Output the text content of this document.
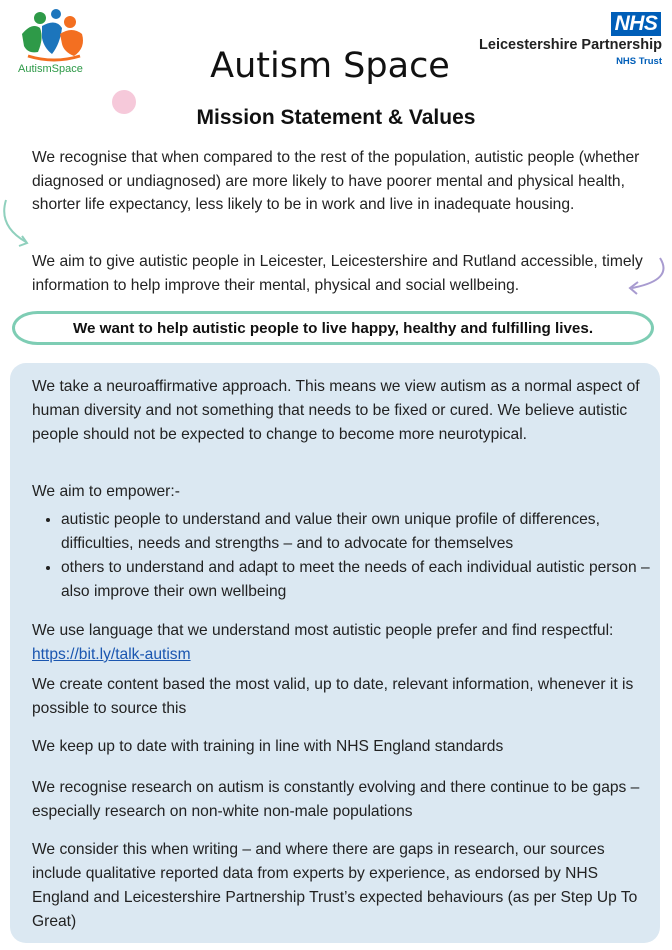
AutismSpace
NHS
Leicestershire Partnership
NHS Trust
Autism Space
Mission Statement & Values

We recognise that when compared to the rest of the population, autistic people (whether diagnosed or undiagnosed) are more likely to have poorer mental and physical health, shorter life expectancy, less likely to be in work and live in inadequate housing.

We aim to give autistic people in Leicester, Leicestershire and Rutland accessible, timely information to help improve their mental, physical and social wellbeing.

We want to help autistic people to live happy, healthy and fulfilling lives.

We take a neuroaffirmative approach. This means we view autism as a normal aspect of human diversity and not something that needs to be fixed or cured. We believe autistic people should not be expected to change to become more neurotypical.

We aim to empower:-

• autistic people to understand and value their own unique profile of differences, difficulties, needs and strengths – and to advocate for themselves
• others to understand and adapt to meet the needs of each individual autistic person – also improve their own wellbeing

We use language that we understand most autistic people prefer and find respectful: https://bit.ly/talk-autism

We create content based the most valid, up to date, relevant information, whenever it is possible to source this

We keep up to date with training in line with NHS England standards

We recognise research on autism is constantly evolving and there continue to be gaps – especially research on non-white non-male populations

We consider this when writing – and where there are gaps in research, our sources include qualitative reported data from experts by experience, as endorsed by NHS England and Leicestershire Partnership Trust’s expected behaviours (as per Step Up To Great)
